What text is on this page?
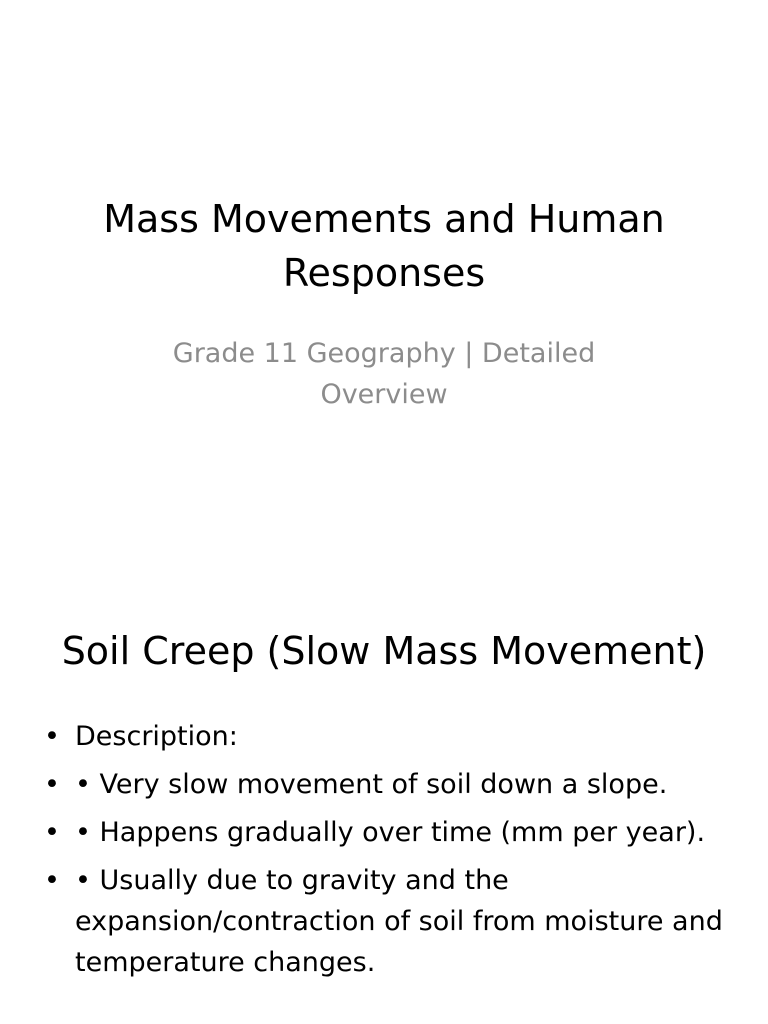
Mass Movements and Human Responses
Grade 11 Geography | Detailed Overview
Soil Creep (Slow Mass Movement)
• Description:
• • Very slow movement of soil down a slope.
• • Happens gradually over time (mm per year).
• • Usually due to gravity and the expansion/contraction of soil from moisture and temperature changes.
